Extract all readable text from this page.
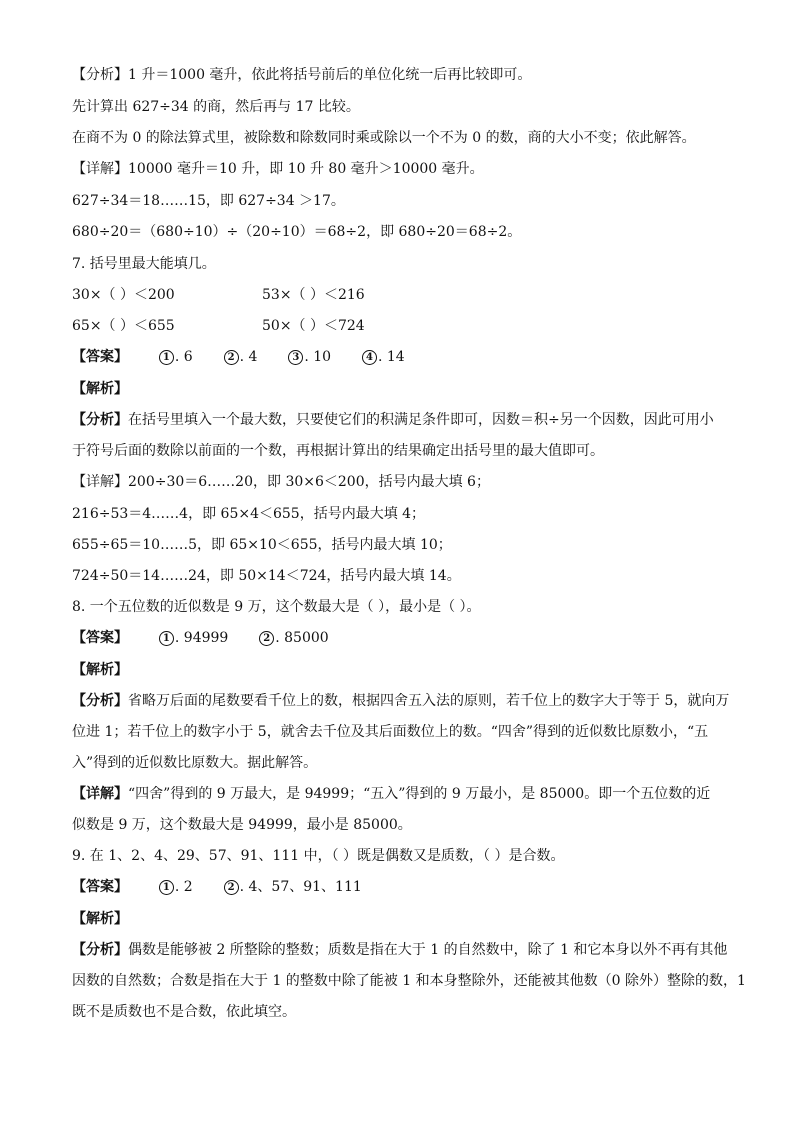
【分析】1 升＝1000 毫升，依此将括号前后的单位化统一后再比较即可。
先计算出 627÷34 的商，然后再与 17 比较。
在商不为 0 的除法算式里，被除数和除数同时乘或除以一个不为 0 的数，商的大小不变；依此解答。
【详解】10000 毫升＝10 升，即 10 升 80 毫升＞10000 毫升。
627÷34＝18……15，即 627÷34 ＞17。
680÷20＝（680÷10）÷（20÷10）＝68÷2，即 680÷20＝68÷2。
7. 括号里最大能填几。
30×（ ）＜200	53×（ ）＜216
65×（ ）＜655	50×（ ）＜724
【答案】	1 . 6	2 . 4	3 . 10	4 . 14
【解析】
【分析】在括号里填入一个最大数，只要使它们的积满足条件即可，因数＝积÷另一个因数，因此可用小
于符号后面的数除以前面的一个数，再根据计算出的结果确定出括号里的最大值即可。
【详解】200÷30＝6……20，即 30×6＜200，括号内最大填 6；
216÷53＝4……4，即 65×4＜655，括号内最大填 4；
655÷65＝10……5，即 65×10＜655，括号内最大填 10；
724÷50＝14……24，即 50×14＜724，括号内最大填 14。
8. 一个五位数的近似数是 9 万，这个数最大是（ ），最小是（ ）。
【答案】	1 . 94999	2 . 85000
【解析】
【分析】省略万后面的尾数要看千位上的数，根据四舍五入法的原则，若千位上的数字大于等于 5，就向万
位进 1；若千位上的数字小于 5，就舍去千位及其后面数位上的数。“四舍”得到的近似数比原数小，“五
入”得到的近似数比原数大。据此解答。
【详解】“四舍”得到的 9 万最大，是 94999；“五入”得到的 9 万最小，是 85000。即一个五位数的近
似数是 9 万，这个数最大是 94999，最小是 85000。
9. 在 1、2、4、29、57、91、111 中，（ ）既是偶数又是质数，（ ）是合数。
【答案】	1 . 2	2 . 4、57、91、111
【解析】
【分析】偶数是能够被 2 所整除的整数；质数是指在大于 1 的自然数中，除了 1 和它本身以外不再有其他
因数的自然数；合数是指在大于 1 的整数中除了能被 1 和本身整除外，还能被其他数（0 除外）整除的数，1
既不是质数也不是合数，依此填空。
